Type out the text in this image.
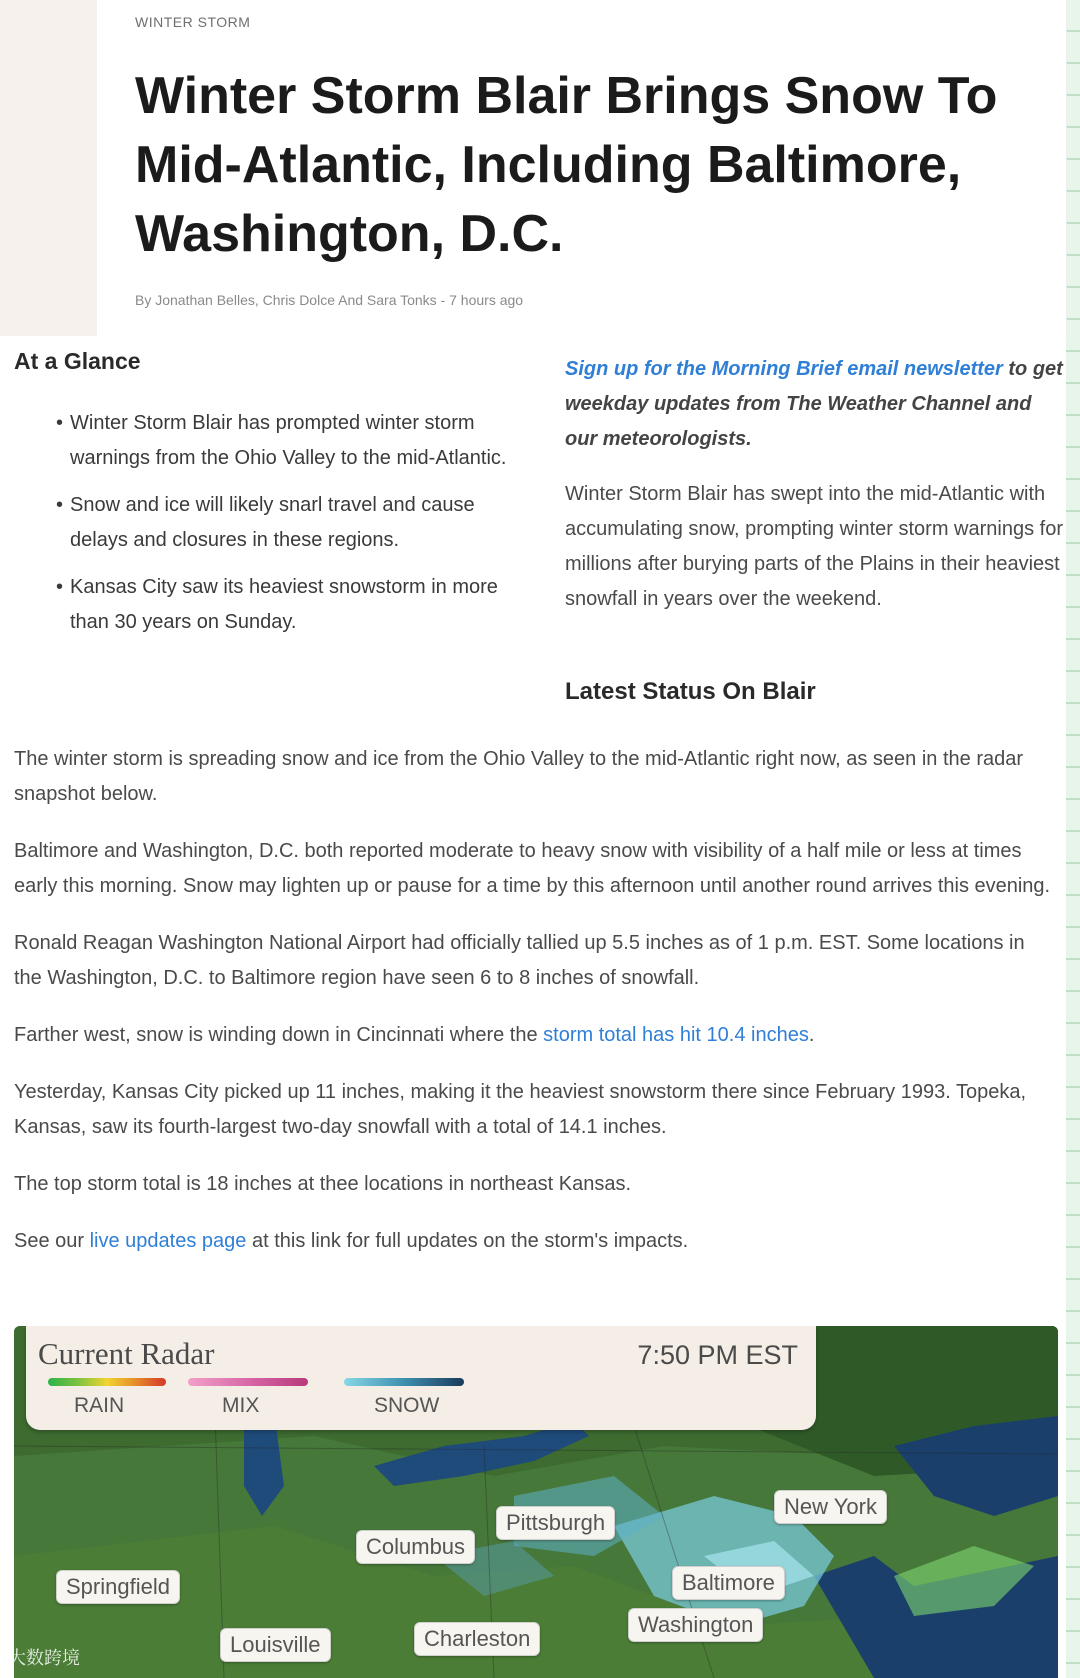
WINTER STORM
Winter Storm Blair Brings Snow To Mid-Atlantic, Including Baltimore, Washington, D.C.
By Jonathan Belles, Chris Dolce And Sara Tonks - 7 hours ago
At a Glance
• Winter Storm Blair has prompted winter storm warnings from the Ohio Valley to the mid-Atlantic.
• Snow and ice will likely snarl travel and cause delays and closures in these regions.
• Kansas City saw its heaviest snowstorm in more than 30 years on Sunday.
Sign up for the Morning Brief email newsletter to get weekday updates from The Weather Channel and our meteorologists.

Winter Storm Blair has swept into the mid-Atlantic with accumulating snow, prompting winter storm warnings for millions after burying parts of the Plains in their heaviest snowfall in years over the weekend.

Latest Status On Blair

The winter storm is spreading snow and ice from the Ohio Valley to the mid-Atlantic right now, as seen in the radar snapshot below.

Baltimore and Washington, D.C. both reported moderate to heavy snow with visibility of a half mile or less at times early this morning. Snow may lighten up or pause for a time by this afternoon until another round arrives this evening.

Ronald Reagan Washington National Airport had officially tallied up 5.5 inches as of 1 p.m. EST. Some locations in the Washington, D.C. to Baltimore region have seen 6 to 8 inches of snowfall.

Farther west, snow is winding down in Cincinnati where the storm total has hit 10.4 inches.

Yesterday, Kansas City picked up 11 inches, making it the heaviest snowstorm there since February 1993. Topeka, Kansas, saw its fourth-largest two-day snowfall with a total of 14.1 inches.

The top storm total is 18 inches at thee locations in northeast Kansas.

See our live updates page at this link for full updates on the storm's impacts.

Current Radar	7:50 PM EST
RAIN	MIX	SNOW
Springfield
Louisville
Columbus
Charleston
Pittsburgh
New York
Baltimore
Washington
大数跨境
